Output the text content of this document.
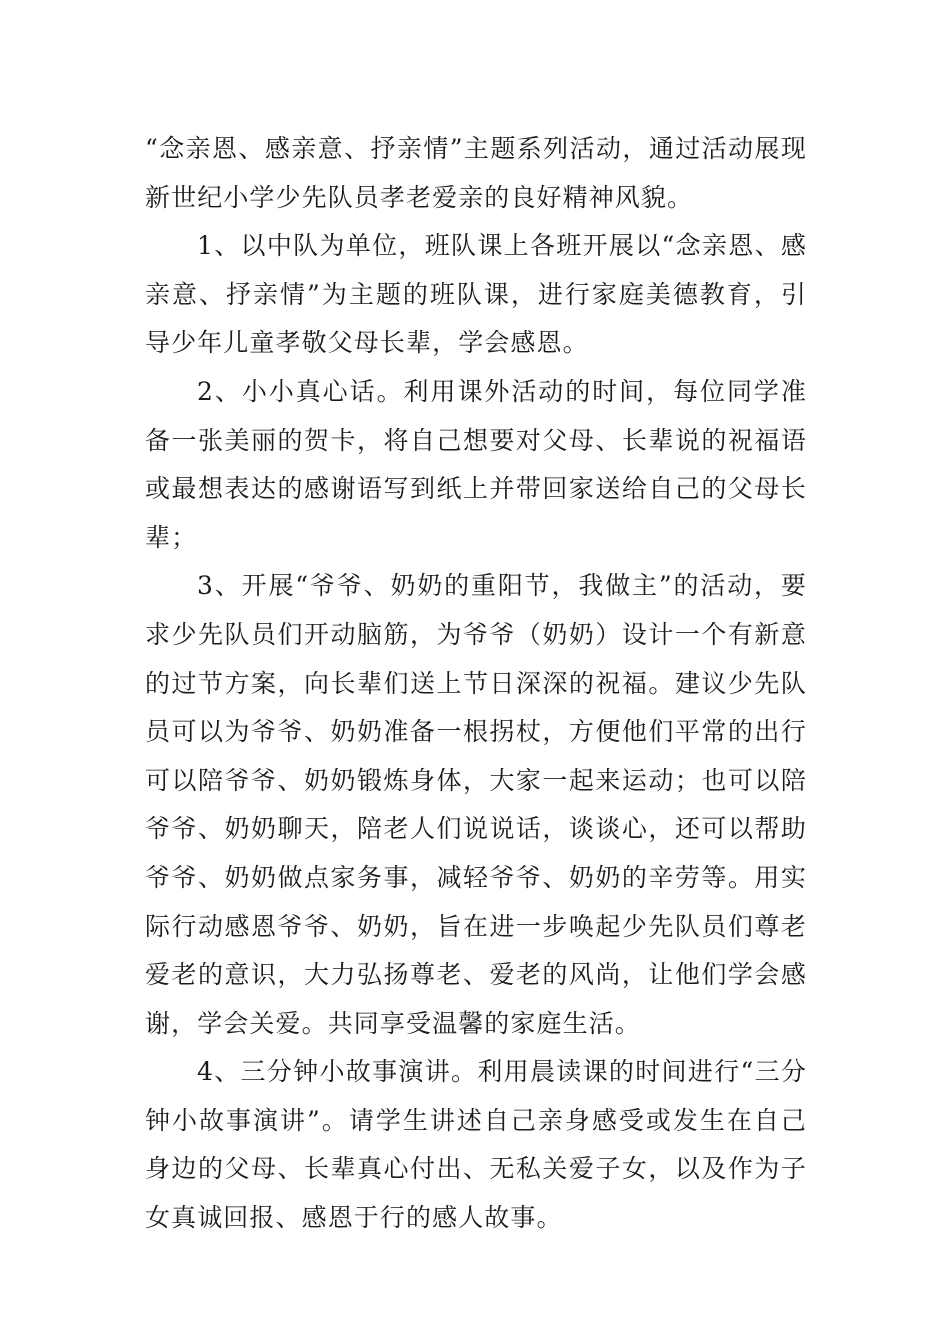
“念亲恩、感亲意、抒亲情”主题系列活动，通过活动展现新世纪小学少先队员孝老爱亲的良好精神风貌。

1、以中队为单位，班队课上各班开展以“念亲恩、感亲意、抒亲情”为主题的班队课，进行家庭美德教育，引导少年儿童孝敬父母长辈，学会感恩。

2、小小真心话。利用课外活动的时间，每位同学准备一张美丽的贺卡，将自己想要对父母、长辈说的祝福语或最想表达的感谢语写到纸上并带回家送给自己的父母长辈；

3、开展“爷爷、奶奶的重阳节，我做主”的活动，要求少先队员们开动脑筋，为爷爷（奶奶）设计一个有新意的过节方案，向长辈们送上节日深深的祝福。建议少先队员可以为爷爷、奶奶准备一根拐杖，方便他们平常的出行可以陪爷爷、奶奶锻炼身体，大家一起来运动；也可以陪爷爷、奶奶聊天，陪老人们说说话，谈谈心，还可以帮助爷爷、奶奶做点家务事，减轻爷爷、奶奶的辛劳等。用实际行动感恩爷爷、奶奶，旨在进一步唤起少先队员们尊老爱老的意识，大力弘扬尊老、爱老的风尚，让他们学会感谢，学会关爱。共同享受温馨的家庭生活。

4、三分钟小故事演讲。利用晨读课的时间进行“三分钟小故事演讲”。请学生讲述自己亲身感受或发生在自己身边的父母、长辈真心付出、无私关爱子女，以及作为子女真诚回报、感恩于行的感人故事。
